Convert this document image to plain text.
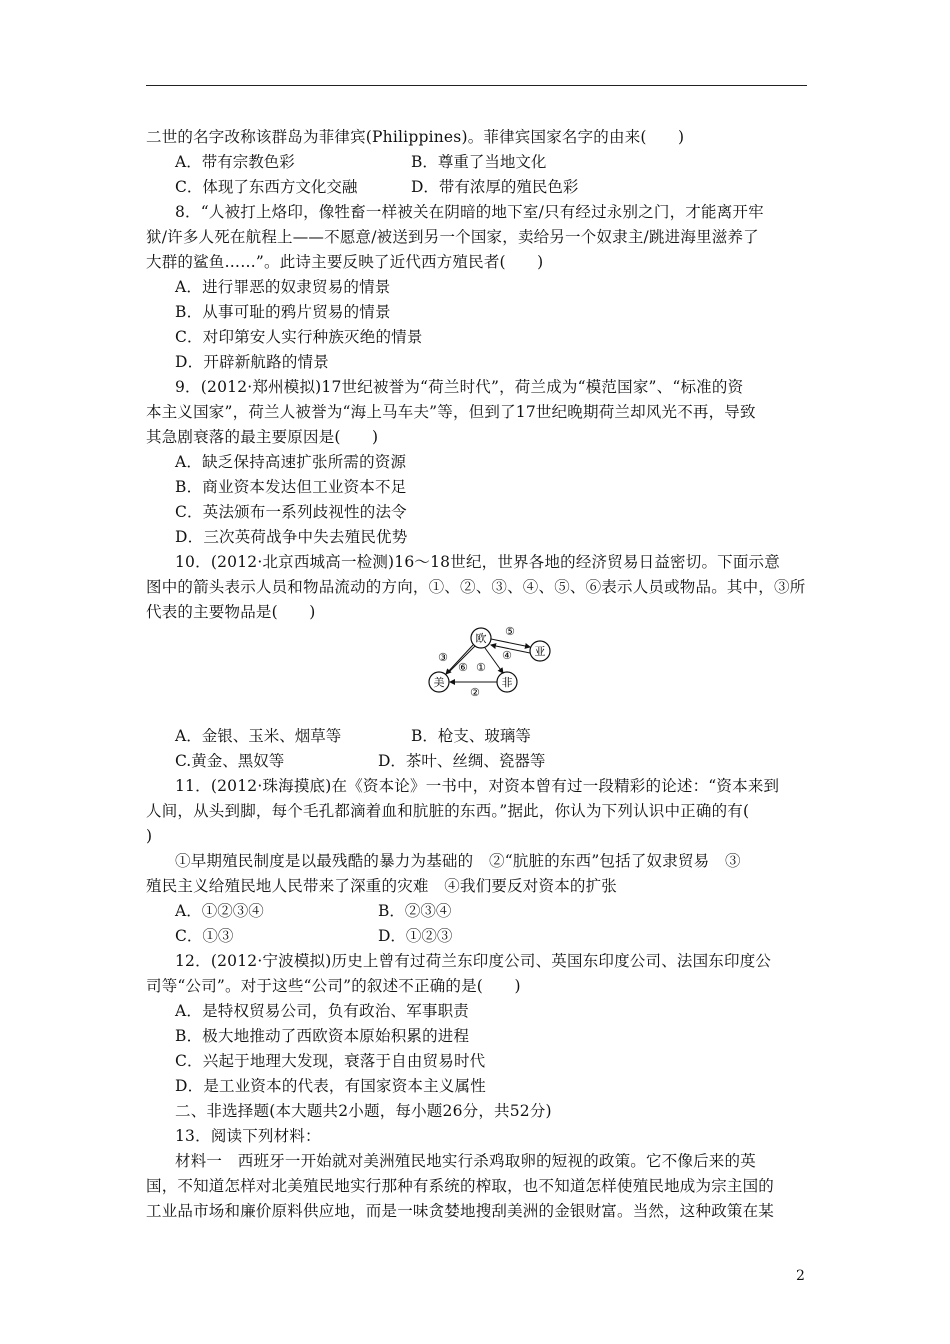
二世的名字改称该群岛为菲律宾(Philippines)。菲律宾国家名字的由来(　　)
A．带有宗教色彩	B．尊重了当地文化
C．体现了东西方文化交融	D．带有浓厚的殖民色彩
8．“人被打上烙印，像牲畜一样被关在阴暗的地下室/只有经过永别之门，才能离开牢
狱/许多人死在航程上——不愿意/被送到另一个国家，卖给另一个奴隶主/跳进海里滋养了
大群的鲨鱼……”。此诗主要反映了近代西方殖民者(　　)
A．进行罪恶的奴隶贸易的情景
B．从事可耻的鸦片贸易的情景
C．对印第安人实行种族灭绝的情景
D．开辟新航路的情景
9．(2012·郑州模拟)17世纪被誉为“荷兰时代”，荷兰成为“模范国家”、“标准的资
本主义国家”，荷兰人被誉为“海上马车夫”等，但到了17世纪晚期荷兰却风光不再，导致
其急剧衰落的最主要原因是(　　)
A．缺乏保持高速扩张所需的资源
B．商业资本发达但工业资本不足
C．英法颁布一系列歧视性的法令
D．三次英荷战争中失去殖民优势
10．(2012·北京西城高一检测)16～18世纪，世界各地的经济贸易日益密切。下面示意
图中的箭头表示人员和物品流动的方向，①、②、③、④、⑤、⑥表示人员或物品。其中，③所
代表的主要物品是(　　)
欧
亚
美	非
③
⑥ ①
⑤
④
②
A．金银、玉米、烟草等	B．枪支、玻璃等
C.黄金、黑奴等	D．茶叶、丝绸、瓷器等
11．(2012·珠海摸底)在《资本论》一书中，对资本曾有过一段精彩的论述：“资本来到
人间，从头到脚，每个毛孔都滴着血和肮脏的东西。”据此，你认为下列认识中正确的有(
)
①早期殖民制度是以最残酷的暴力为基础的　②“肮脏的东西”包括了奴隶贸易　③
殖民主义给殖民地人民带来了深重的灾难　④我们要反对资本的扩张
A．①②③④	B．②③④
C．①③	D．①②③
12．(2012·宁波模拟)历史上曾有过荷兰东印度公司、英国东印度公司、法国东印度公
司等“公司”。对于这些“公司”的叙述不正确的是(　　)
A．是特权贸易公司，负有政治、军事职责
B．极大地推动了西欧资本原始积累的进程
C．兴起于地理大发现，衰落于自由贸易时代
D．是工业资本的代表，有国家资本主义属性
二、非选择题(本大题共2小题，每小题26分，共52分)
13．阅读下列材料：
材料一　西班牙一开始就对美洲殖民地实行杀鸡取卵的短视的政策。它不像后来的英
国，不知道怎样对北美殖民地实行那种有系统的榨取，也不知道怎样使殖民地成为宗主国的
工业品市场和廉价原料供应地，而是一味贪婪地搜刮美洲的金银财富。当然，这种政策在某
2
